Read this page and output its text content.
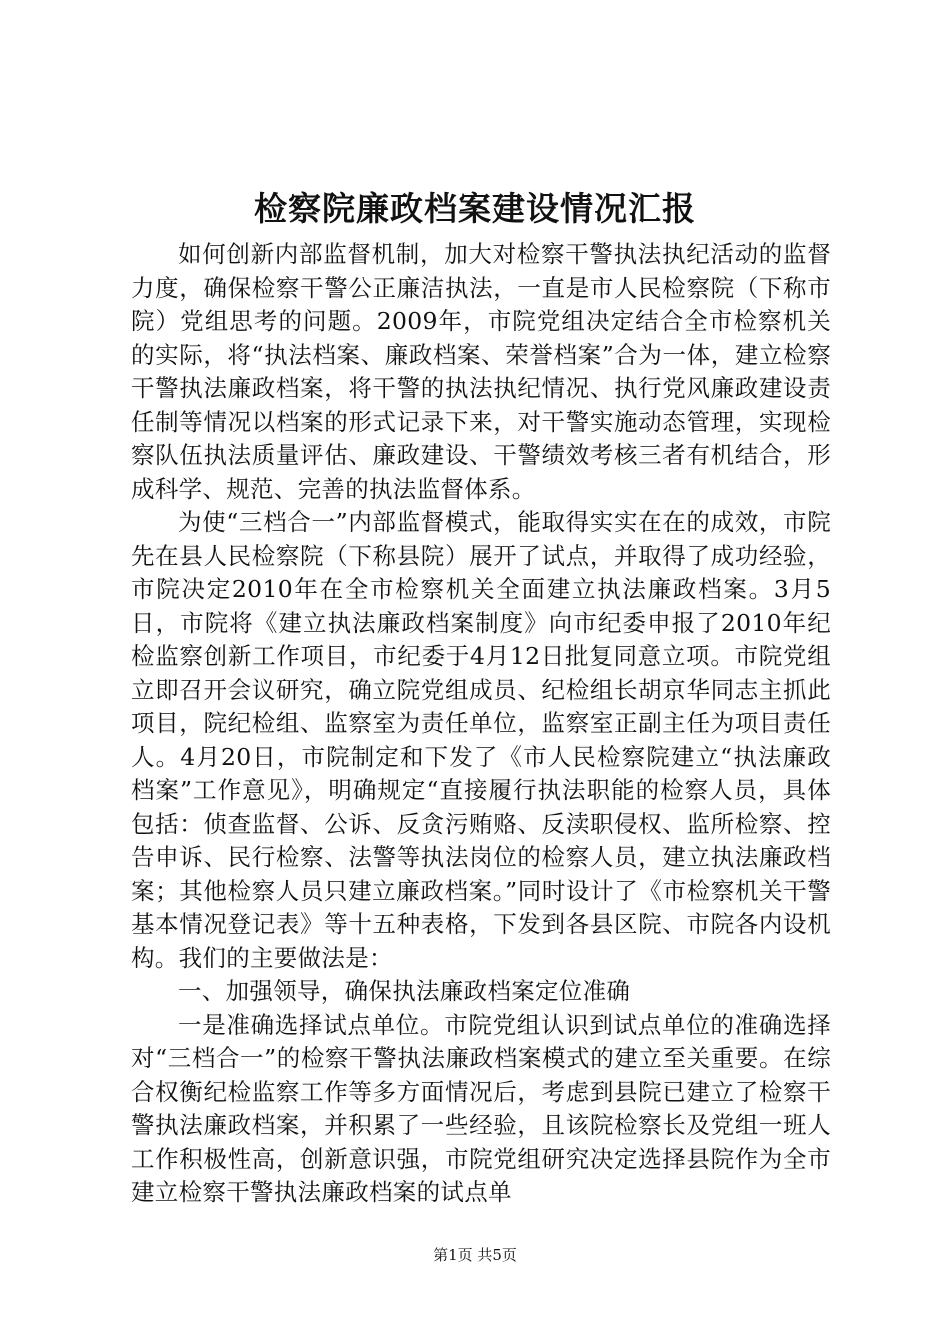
检察院廉政档案建设情况汇报

如何创新内部监督机制，加大对检察干警执法执纪活动的监督力度，确保检察干警公正廉洁执法，一直是市人民检察院（下称市院）党组思考的问题。2009年，市院党组决定结合全市检察机关的实际，将“执法档案、廉政档案、荣誉档案”合为一体，建立检察干警执法廉政档案，将干警的执法执纪情况、执行党风廉政建设责任制等情况以档案的形式记录下来，对干警实施动态管理，实现检察队伍执法质量评估、廉政建设、干警绩效考核三者有机结合，形成科学、规范、完善的执法监督体系。

为使“三档合一”内部监督模式，能取得实实在在的成效，市院先在县人民检察院（下称县院）展开了试点，并取得了成功经验，市院决定2010年在全市检察机关全面建立执法廉政档案。3月5日，市院将《建立执法廉政档案制度》向市纪委申报了2010年纪检监察创新工作项目，市纪委于4月12日批复同意立项。市院党组立即召开会议研究，确立院党组成员、纪检组长胡京华同志主抓此项目，院纪检组、监察室为责任单位，监察室正副主任为项目责任人。4月20日，市院制定和下发了《市人民检察院建立“执法廉政档案”工作意见》，明确规定“直接履行执法职能的检察人员，具体包括：侦查监督、公诉、反贪污贿赂、反渎职侵权、监所检察、控告申诉、民行检察、法警等执法岗位的检察人员，建立执法廉政档案；其他检察人员只建立廉政档案。”同时设计了《市检察机关干警基本情况登记表》等十五种表格，下发到各县区院、市院各内设机构。我们的主要做法是：

一、加强领导，确保执法廉政档案定位准确

一是准确选择试点单位。市院党组认识到试点单位的准确选择对“三档合一”的检察干警执法廉政档案模式的建立至关重要。在综合权衡纪检监察工作等多方面情况后，考虑到县院已建立了检察干警执法廉政档案，并积累了一些经验，且该院检察长及党组一班人工作积极性高，创新意识强，市院党组研究决定选择县院作为全市建立检察干警执法廉政档案的试点单

第1页 共5页
